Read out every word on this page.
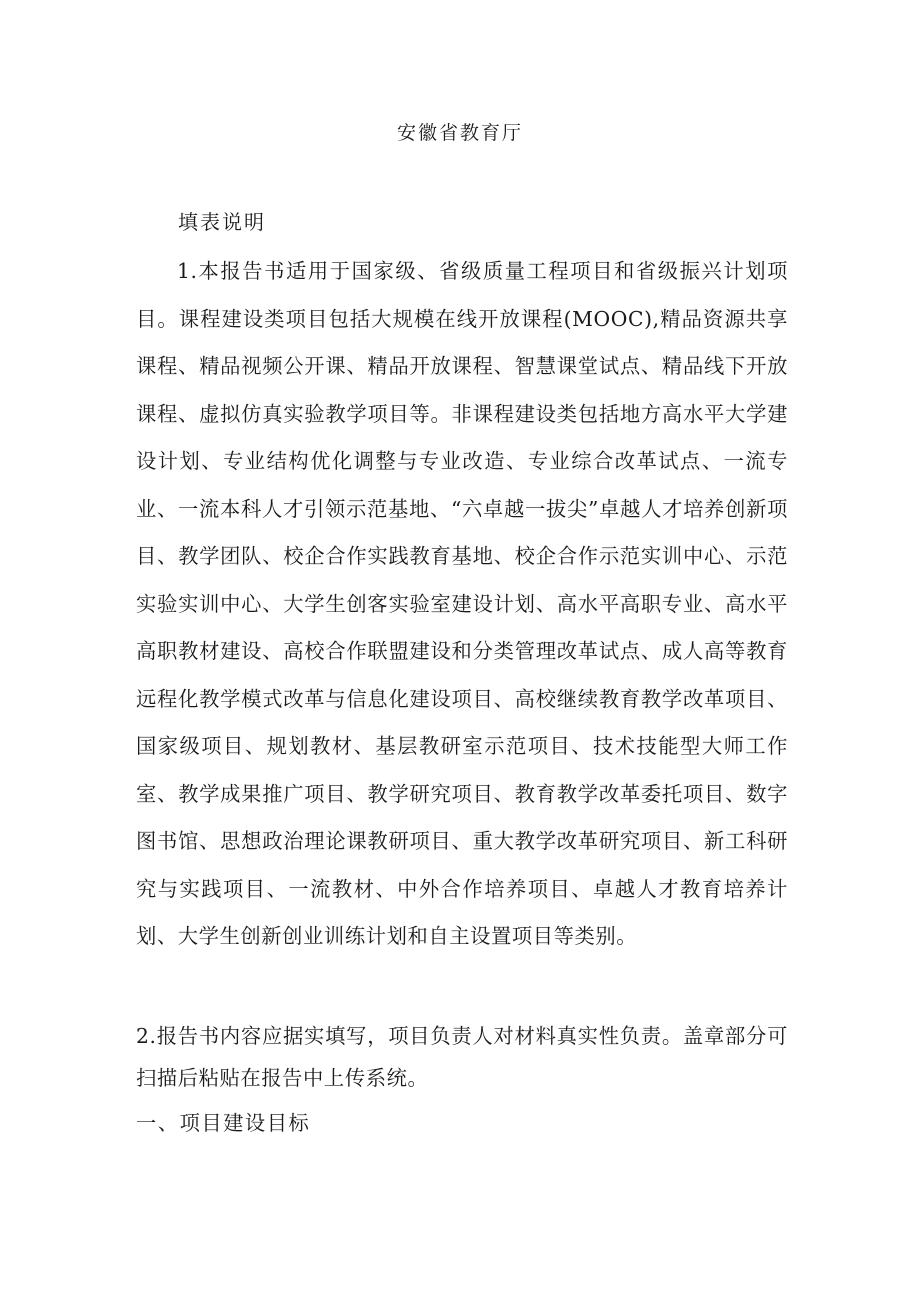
安徽省教育厅
填表说明

1.本报告书适用于国家级、省级质量工程项目和省级振兴计划项目。课程建设类项目包括大规模在线开放课程(MOOC),精品资源共享课程、精品视频公开课、精品开放课程、智慧课堂试点、精品线下开放课程、虚拟仿真实验教学项目等。非课程建设类包括地方高水平大学建设计划、专业结构优化调整与专业改造、专业综合改革试点、一流专业、一流本科人才引领示范基地、“六卓越一拔尖”卓越人才培养创新项目、教学团队、校企合作实践教育基地、校企合作示范实训中心、示范实验实训中心、大学生创客实验室建设计划、高水平高职专业、高水平高职教材建设、高校合作联盟建设和分类管理改革试点、成人高等教育远程化教学模式改革与信息化建设项目、高校继续教育教学改革项目、国家级项目、规划教材、基层教研室示范项目、技术技能型大师工作室、教学成果推广项目、教学研究项目、教育教学改革委托项目、数字图书馆、思想政治理论课教研项目、重大教学改革研究项目、新工科研究与实践项目、一流教材、中外合作培养项目、卓越人才教育培养计划、大学生创新创业训练计划和自主设置项目等类别。

2.报告书内容应据实填写，项目负责人对材料真实性负责。盖章部分可扫描后粘贴在报告中上传系统。

一、项目建设目标
